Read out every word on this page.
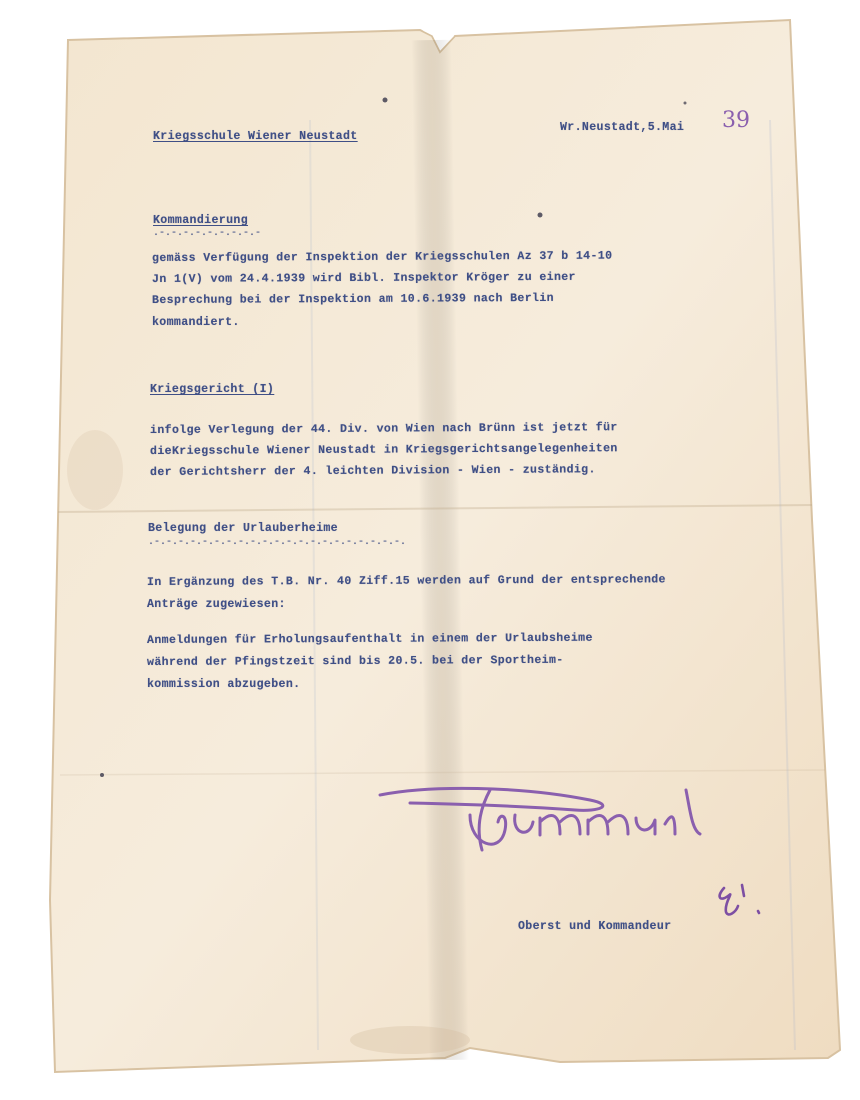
Kriegsschule Wiener Neustadt
Wr.Neustadt,5.Mai 39
Kommandierung
.-.-.-.-.-.-.-.-.-
gemäss Verfügung der Inspektion der Kriegsschulen Az 37 b 14-10
Jn 1(V) vom 24.4.1939 wird Bibl. Inspektor Kröger zu einer
Besprechung bei der Inspektion am 10.6.1939 nach Berlin
kommandiert.
Kriegsgericht (I)
infolge Verlegung der 44. Div. von Wien nach Brünn ist jetzt für
dieKriegsschule Wiener Neustadt in Kriegsgerichtsangelegenheiten
der Gerichtsherr der 4. leichten Division - Wien - zuständig.
Belegung der Urlauberheime
.-.-.-.-.-.-.-.-.-.-.-.-.-.-.-.-.-.-.-.-.-.
In Ergänzung des T.B. Nr. 40 Ziff.15 werden auf Grund der entsprechende
Anträge zugewiesen:
Anmeldungen für Erholungsaufenthalt in einem der Urlaubsheime
während der Pfingstzeit sind bis 20.5. bei der Sportheim-
kommission abzugeben.
Oberst und Kommandeur
